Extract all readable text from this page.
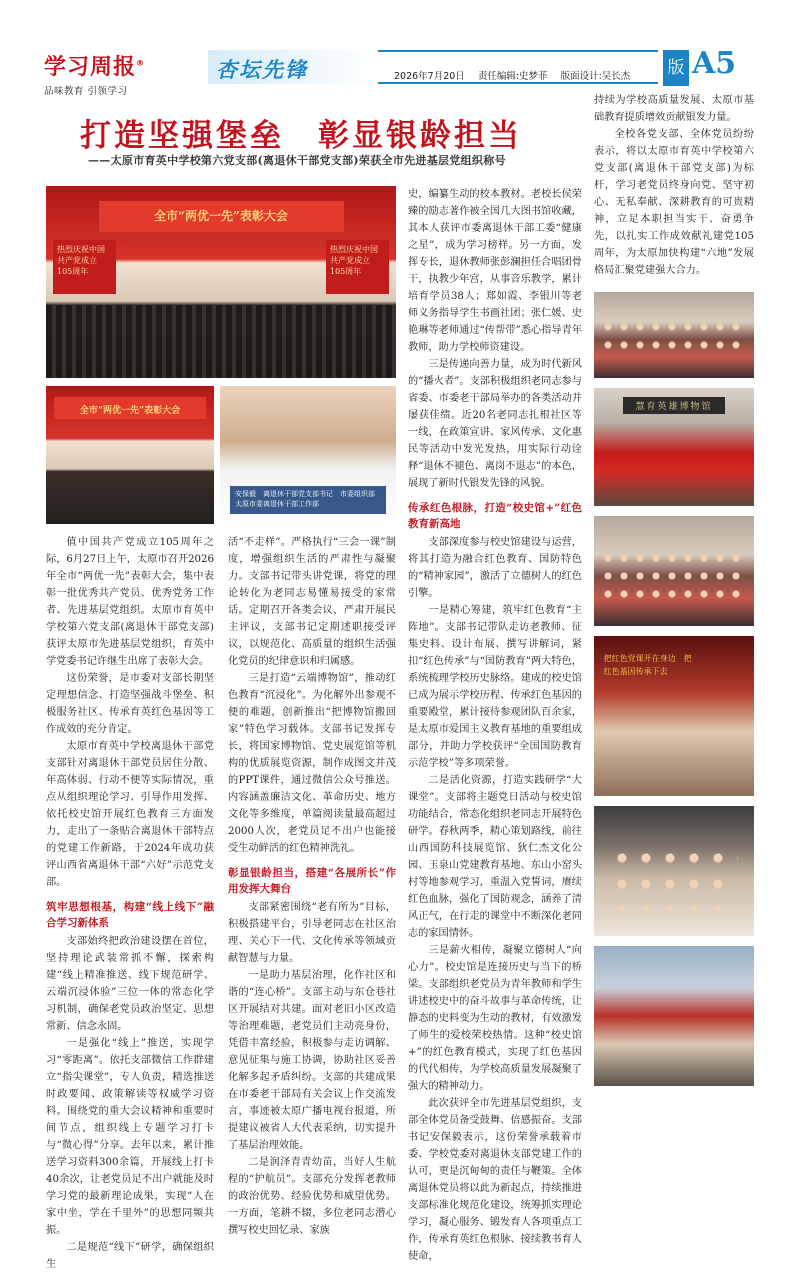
学习周报®
品味教育 引领学习
杏坛先锋	2026年7月20日 责任编辑:史梦菲 版面设计:吴长杰	版 A5
打造坚强堡垒　彰显银龄担当
——太原市育英中学校第六党支部(离退休干部党支部)荣获全市先进基层党组织称号
热烈庆祝中国共产党成立105周年
全市“两优一先”表彰大会
热烈庆祝中国共产党成立105周年
全市“两优一先”表彰大会
安保毅　离退休干部党支部书记　市委组织部太原市委离退休干部工作部
慧育英雄博物馆
把红色党课开在身边　把红色基因传承下去

值中国共产党成立105周年之际，6月27日上午，太原市召开2026年全市“两优一先”表彰大会，集中表彰一批优秀共产党员、优秀党务工作者、先进基层党组织。太原市育英中学校第六党支部(离退休干部党支部)获评太原市先进基层党组织，育英中学党委书记许继生出席了表彰大会。

这份荣誉，是市委对支部长期坚定理想信念、打造坚强战斗堡垒、积极服务社区、传承育英红色基因等工作成效的充分肯定。

太原市育英中学校离退休干部党支部针对离退休干部党员居住分散、年高体弱、行动不便等实际情况，重点从组织理论学习、引导作用发挥、依托校史馆开展红色教育三方面发力，走出了一条贴合离退休干部特点的党建工作新路，于2024年成功获评山西省离退休干部“六好”示范党支部。

筑牢思想根基，构建“线上线下”融合学习新体系

支部始终把政治建设摆在首位，坚持理论武装常抓不懈，探索构建“线上精准推送、线下规范研学、云端沉浸体验”三位一体的常态化学习机制，确保老党员政治坚定、思想常新、信念永固。

一是强化“线上”推送，实现学习“零距离”。依托支部微信工作群建立“指尖课堂”，专人负责，精选推送时政要闻、政策解读等权威学习资料。围绕党的重大会议精神和重要时间节点，组织线上专题学习打卡与“微心得”分享。去年以来，累计推送学习资料300余篇，开展线上打卡40余次，让老党员足不出户就能及时学习党的最新理论成果，实现“人在家中坐，学在千里外”的思想同频共振。

二是规范“线下”研学，确保组织生

活“不走样”。严格执行“三会一课”制度，增强组织生活的严肃性与凝聚力。支部书记带头讲党课，将党的理论转化为老同志易懂易接受的家常话。定期召开各类会议，严肃开展民主评议，支部书记定期述职接受评议，以规范化、高质量的组织生活强化党员的纪律意识和归属感。

三是打造“云端博物馆”，推动红色教育“沉浸化”。为化解外出参观不便的难题，创新推出“把博物馆搬回家”特色学习载体。支部书记发挥专长，将国家博物馆、党史展览馆等机构的优质展览资源，制作成图文并茂的PPT课件，通过微信公众号推送。内容涵盖廉洁文化、革命历史、地方文化等多维度，单篇阅读量最高超过2000人次，老党员足不出户也能接受生动鲜活的红色精神洗礼。

彰显银龄担当，搭建“各展所长”作用发挥大舞台

支部紧密围绕“老有所为”目标，积极搭建平台，引导老同志在社区治理、关心下一代、文化传承等领域贡献智慧与力量。

一是助力基层治理，化作社区和谐的“连心桥”。支部主动与东仓巷社区开展结对共建。面对老旧小区改造等治理难题，老党员们主动亮身份，凭借丰富经验，积极参与走访调解、意见征集与施工协调，协助社区妥善化解多起矛盾纠纷。支部的共建成果在市委老干部局有关会议上作交流发言，事迹被太原广播电视台报道，所提建议被省人大代表采纳，切实提升了基层治理效能。

二是润泽青青幼苗，当好人生航程的“护航员”。支部充分发挥老教师的政治优势、经验优势和威望优势。一方面，笔耕不辍，多位老同志潜心撰写校史回忆录、家族

史，编纂生动的校本教材。老校长侯荣臻的励志著作被全国几大图书馆收藏，其本人获评市委离退休干部工委“健康之星”，成为学习榜样。另一方面，发挥专长，退休教师张彭澜担任合唱团骨干，执教少年宫，从事音乐教学，累计培育学员38人；郑如霞、李银川等老师义务指导学生书画社团；张仁媛、史艳琳等老师通过“传帮带”悉心指导青年教师，助力学校师资建设。

三是传递向善力量，成为时代新风的“播火者”。支部积极组织老同志参与省委、市委老干部局举办的各类活动并屡获佳绩。近20名老同志扎根社区等一线，在政策宣讲、家风传承、文化惠民等活动中发光发热，用实际行动诠释“退休不褪色、离岗不退志”的本色，展现了新时代银发先锋的风貌。

传承红色根脉，打造“校史馆+”红色教育新高地

支部深度参与校史馆建设与运营，将其打造为融合红色教育、国防特色的“精神家园”，激活了立德树人的红色引擎。

一是精心筹建，筑牢红色教育“主阵地”。支部书记带队走访老教师、征集史料、设计布展、撰写讲解词，紧扣“红色传承”与“国防教育”两大特色，系统梳理学校历史脉络。建成的校史馆已成为展示学校历程、传承红色基因的重要殿堂，累计接待参观团队百余家，是太原市爱国主义教育基地的重要组成部分，并助力学校获评“全国国防教育示范学校”等多项荣誉。

二是活化资源，打造实践研学“大课堂”。支部将主题党日活动与校史馆功能结合，常态化组织老同志开展特色研学。春秋两季，精心策划路线，前往山西国防科技展览馆、狄仁杰文化公园、玉泉山党建教育基地、东山小窑头村等地参观学习，重温入党誓词，赓续红色血脉，强化了国防观念，涵养了清风正气，在行走的课堂中不断深化老同志的家国情怀。

三是薪火相传，凝聚立德树人“向心力”。校史馆是连接历史与当下的桥梁。支部组织老党员为青年教师和学生讲述校史中的奋斗故事与革命传统，让静态的史料变为生动的教材，有效激发了师生的爱校荣校热情。这种“校史馆+”的红色教育模式，实现了红色基因的代代相传，为学校高质量发展凝聚了强大的精神动力。

此次获评全市先进基层党组织，支部全体党员备受鼓舞、倍感振奋。支部书记安保毅表示，这份荣誉承载着市委、学校党委对离退休支部党建工作的认可，更是沉甸甸的责任与鞭策。全体离退休党员将以此为新起点，持续推进支部标准化规范化建设，统筹抓实理论学习，凝心服务、锻发育人各项重点工作，传承育英红色根脉、接续教书育人使命，

持续为学校高质量发展、太原市基础教育提质增效贡献银发力量。

全校各党支部、全体党员纷纷表示，将以太原市育英中学校第六党支部(离退休干部党支部)为标杆，学习老党员终身向党、坚守初心、无私奉献、深耕教育的可贵精神，立足本职担当实干、奋勇争先，以扎实工作成效献礼建党105周年，为太原加快构建“六地”发展格局汇聚党建强大合力。
